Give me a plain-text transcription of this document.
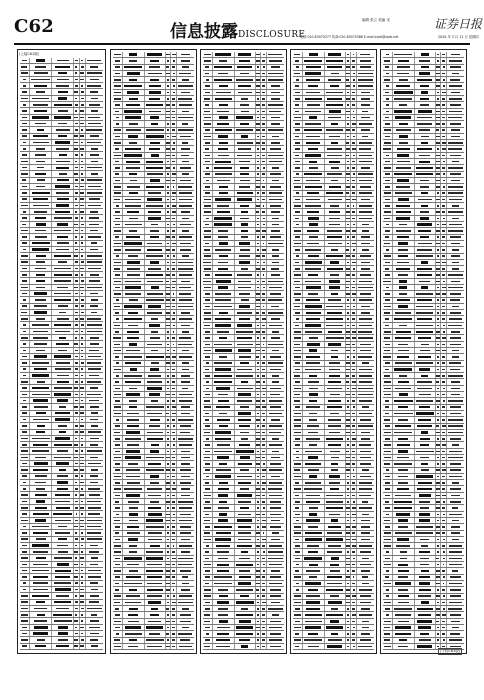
C62	信息披露DISCLOSURE
编辑 张立 美编 宋
电话:010-63070377 传真:010-63070388 E-mail:zqrb@zqrb.net
证券日报
2020 年 3 月 12 日 星期四
(上接C61版)
(下转C63版)
